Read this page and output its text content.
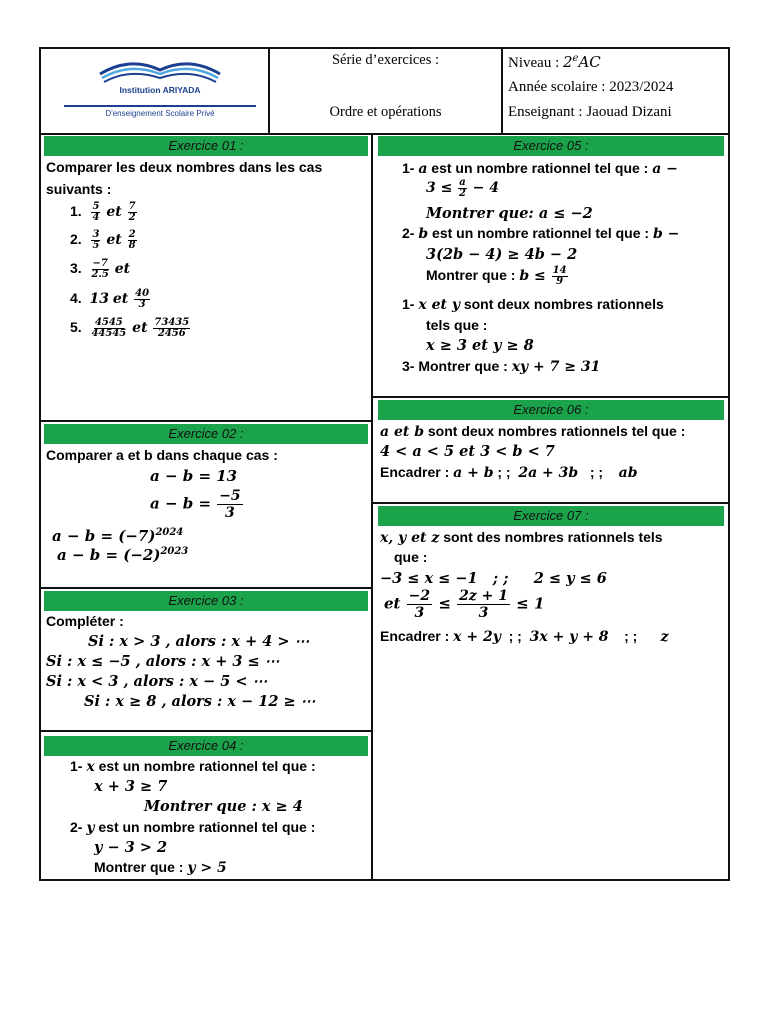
Institution ARIYADA
D'enseignement Scolaire Privé
Série d’exercices :
Ordre et opérations
Niveau : 2eAC
Année scolaire : 2023/2024
Enseignant : Jaouad Dizani
Exercice 01 :
Comparer les deux nombres dans les cas
suivants :
1. $\frac{5}{4}$ et $\frac{7}{2}$
2. $\frac{3}{5}$ et $\frac{2}{8}$
3. $\frac{-7}{2.5}$ et
4. 13 et $\frac{40}{3}$
5. $\frac{4545}{44545}$ et $\frac{73435}{2456}$
Exercice 02 :
Comparer a et b dans chaque cas :
a − b = 13
$a - b = \frac{-5}{3}$
$a - b = (-7)^{2024}$
$a - b = (-2)^{2023}$
Exercice 03 :
Compléter :
Si : x > 3 , alors : x + 4 > ⋯
Si : x ≤ −5 , alors : x + 3 ≤ ⋯
Si : x < 3 , alors : x − 5 < ⋯
Si : x ≥ 8 , alors : x − 12 ≥ ⋯
Exercice 04 :
1- x est un nombre rationnel tel que :
x + 3 ≥ 7
Montrer que : x ≥ 4
2- y est un nombre rationnel tel que :
y − 3 > 2
Montrer que : y > 5
Exercice 05 :
1- a est un nombre rationnel tel que : a −
$3 \le \frac{a}{2} - 4$
Montrer que: a ≤ −2
2- b est un nombre rationnel tel que : b −
3(2b − 4) ≥ 4b − 2
Montrer que : $b \le \frac{14}{9}$
1- x et y sont deux nombres rationnels
tels que :
x ≥ 3 et y ≥ 8
3- Montrer que : xy + 7 ≥ 31
Exercice 06 :
a et b sont deux nombres rationnels tel que :
4 < a < 5 et 3 < b < 7
Encadrer : a + b ; ;  2a + 3b   ; ;    ab
Exercice 07 :
x, y et z sont des nombres rationnels tels
que :
−3 ≤ x ≤ −1   ; ;     2 ≤ y ≤ 6
et $\frac{-2}{3} \le \frac{2z + 1}{3} \le 1$
Encadrer : x + 2y  ; ;  3x + y + 8    ; ;      z
